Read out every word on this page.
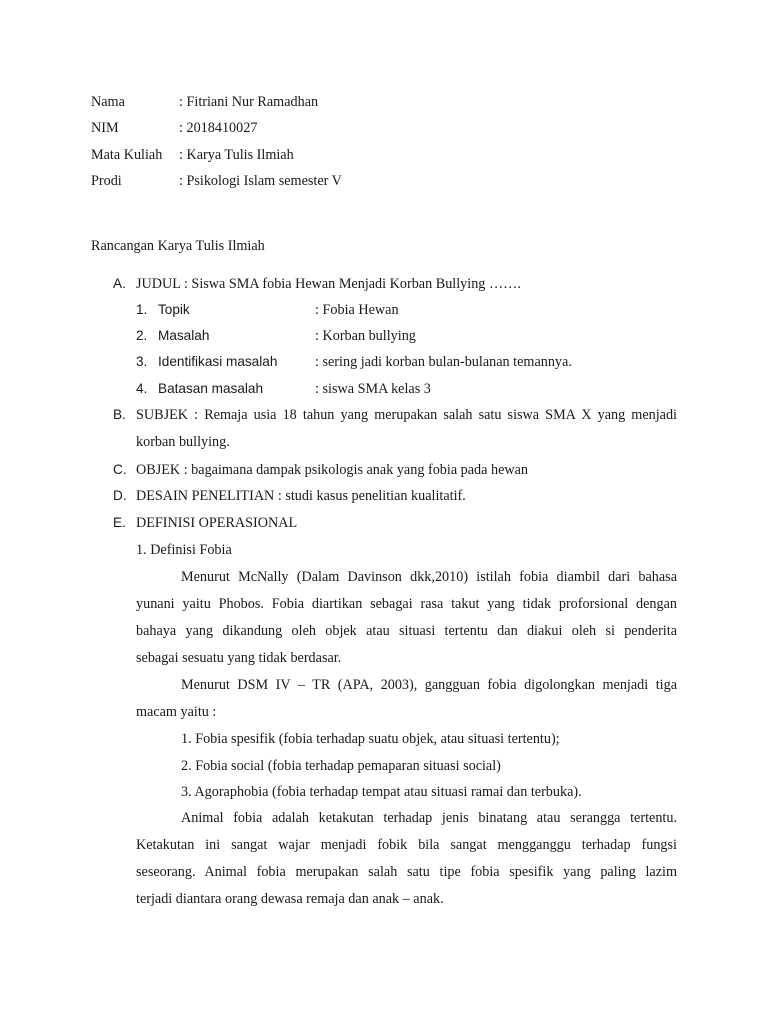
Nama	: Fitriani Nur Ramadhan
NIM	: 2018410027
Mata Kuliah : Karya Tulis Ilmiah
Prodi	: Psikologi Islam semester V
Rancangan Karya Tulis Ilmiah
A. JUDUL : Siswa SMA fobia Hewan Menjadi Korban Bullying …….
1. Topik	: Fobia Hewan
2. Masalah	: Korban bullying
3. Identifikasi masalah	: sering jadi korban bulan-bulanan temannya.
4. Batasan masalah	: siswa SMA kelas 3
B. SUBJEK : Remaja usia 18 tahun yang merupakan salah satu siswa SMA X yang menjadi
korban bullying.
C. OBJEK : bagaimana dampak psikologis anak yang fobia pada hewan
D. DESAIN PENELITIAN : studi kasus penelitian kualitatif.
E. DEFINISI OPERASIONAL
1. Definisi Fobia
Menurut McNally (Dalam Davinson dkk,2010) istilah fobia diambil dari bahasa
yunani yaitu Phobos. Fobia diartikan sebagai rasa takut yang tidak proforsional dengan
bahaya yang dikandung oleh objek atau situasi tertentu dan diakui oleh si penderita
sebagai sesuatu yang tidak berdasar.
Menurut DSM IV – TR (APA, 2003), gangguan fobia digolongkan menjadi tiga
macam yaitu :
1. Fobia spesifik (fobia terhadap suatu objek, atau situasi tertentu);
2. Fobia social (fobia terhadap pemaparan situasi social)
3. Agoraphobia (fobia terhadap tempat atau situasi ramai dan terbuka).
Animal fobia adalah ketakutan terhadap jenis binatang atau serangga tertentu.
Ketakutan ini sangat wajar menjadi fobik bila sangat mengganggu terhadap fungsi
seseorang. Animal fobia merupakan salah satu tipe fobia spesifik yang paling lazim
terjadi diantara orang dewasa remaja dan anak – anak.
